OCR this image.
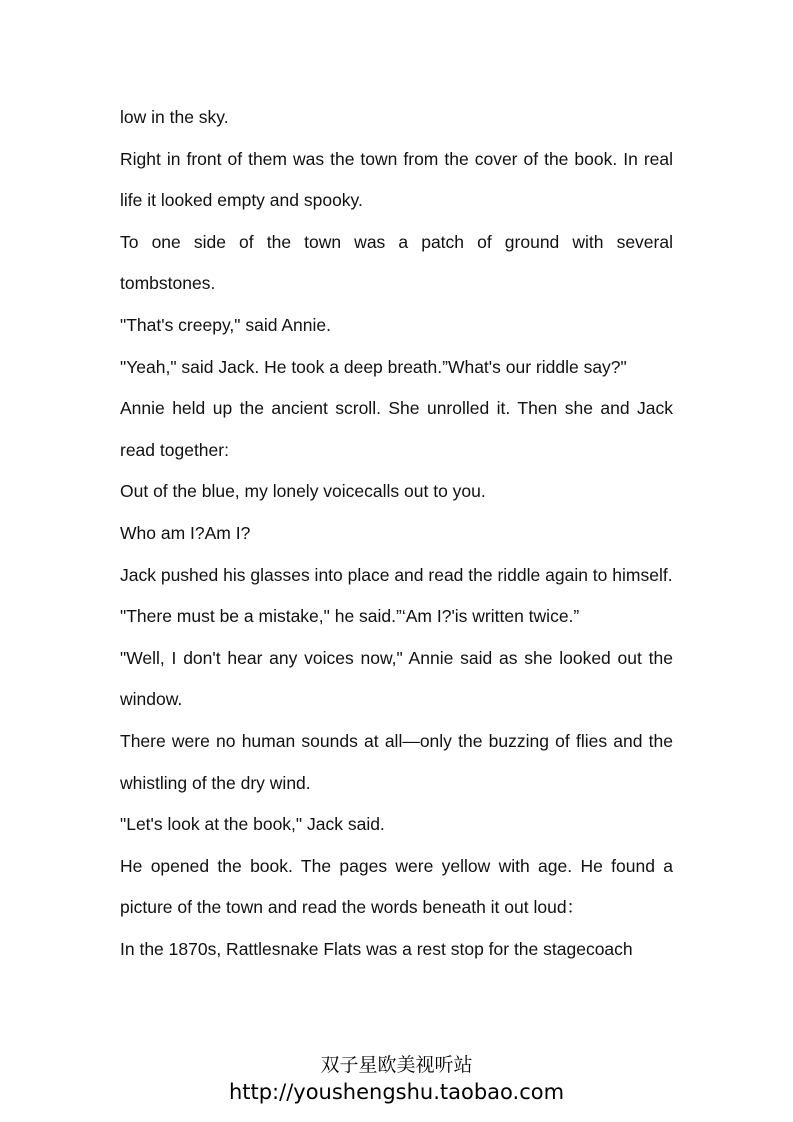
low in the sky.

Right in front of them was the town from the cover of the book. In real life it looked empty and spooky.

To one side of the town was a patch of ground with several tombstones.

"That's creepy," said Annie.

"Yeah," said Jack. He took a deep breath.”What's our riddle say?"

Annie held up the ancient scroll. She unrolled it. Then she and Jack read together:

Out of the blue, my lonely voicecalls out to you.

Who am I?Am I?

Jack pushed his glasses into place and read the riddle again to himself.

"There must be a mistake," he said.”‘Am I?'is written twice.”

"Well, I don't hear any voices now," Annie said as she looked out the window.

There were no human sounds at all—only the buzzing of flies and the whistling of the dry wind.

"Let's look at the book," Jack said.

He opened the book. The pages were yellow with age. He found a picture of the town and read the words beneath it out loud：

In the 1870s, Rattlesnake Flats was a rest stop for the stagecoach

双子星欧美视听站
http://youshengshu.taobao.com
